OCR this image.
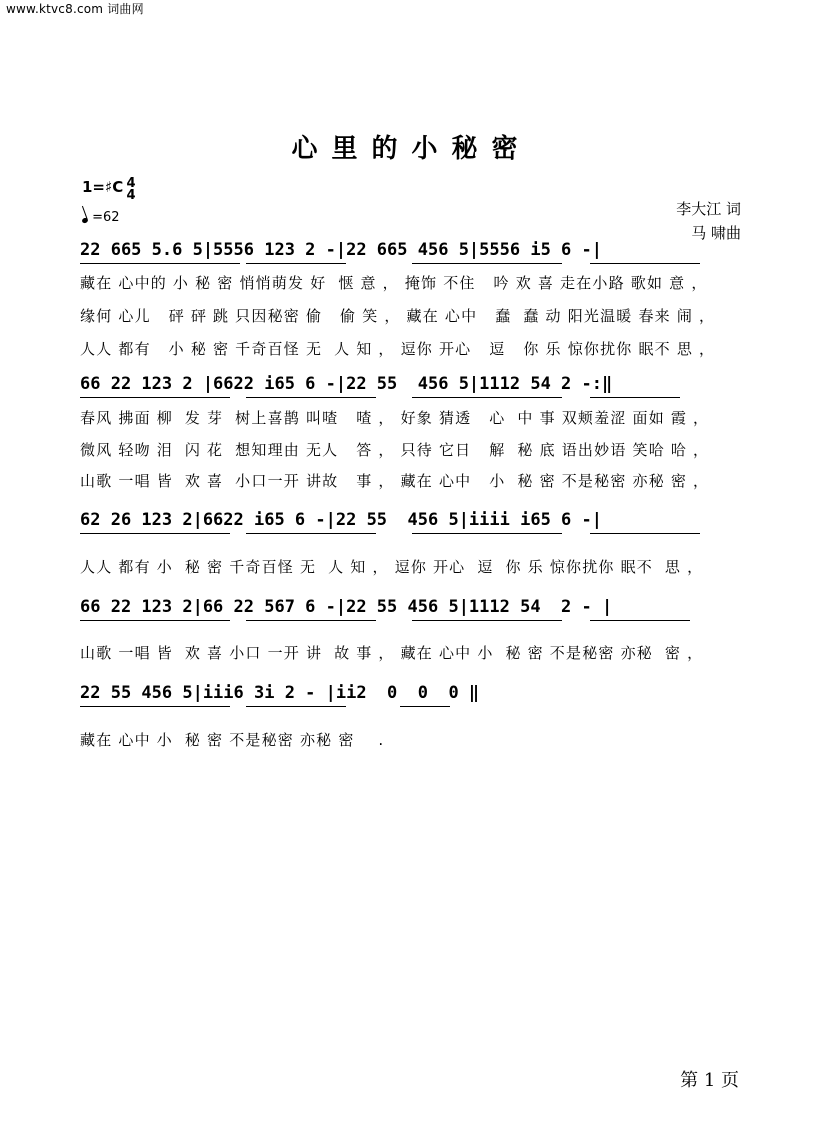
www.ktvc8.com 词曲网
心里的小秘密
1=♯C 4
4
=62	李大江 词
马 啸曲
22 665 5.6 5|5556 123 2 -|22 665 456 5|5556 i5 6 -|
藏在 心中的 小 秘 密 悄悄萌发 好  惬 意 ， 掩饰 不住   吟 欢 喜 走在小路 歌如 意 ，
缘何 心儿   砰 砰 跳 只因秘密 偷   偷 笑 ， 藏在 心中   蠢  蠢 动 阳光温暖 春来 闹 ，
人人 都有   小 秘 密 千奇百怪 无  人 知 ， 逗你 开心   逗   你 乐 惊你扰你 眠不 思 ，
66 22 123 2 |6622 i65 6 -|22 55  456 5|1112 54 2 -:‖
春风 拂面 柳  发 芽  树上喜鹊 叫喳   喳 ， 好象 猜透   心  中 事 双颊羞涩 面如 霞 ，
微风 轻吻 泪  闪 花  想知理由 无人   答 ， 只待 它日   解  秘 底 语出妙语 笑哈 哈 ，
山歌 一唱 皆  欢 喜  小口一开 讲故   事 ， 藏在 心中   小  秘 密 不是秘密 亦秘 密 ，
62 26 123 2|6622 i65 6 -|22 55  456 5|iiii i65 6 -|
人人 都有 小  秘 密 千奇百怪 无  人 知 ， 逗你 开心  逗  你 乐 惊你扰你 眠不  思 ，
66 22 123 2|66 22 567 6 -|22 55 456 5|1112 54  2 - |
山歌 一唱 皆  欢 喜 小口 一开 讲  故 事 ， 藏在 心中 小  秘 密 不是秘密 亦秘  密 ，
22 55 456 5|iii6 3i 2 - |ii2  0  0  0 ‖
藏在 心中 小  秘 密 不是秘密 亦秘 密    .
第 1 页
